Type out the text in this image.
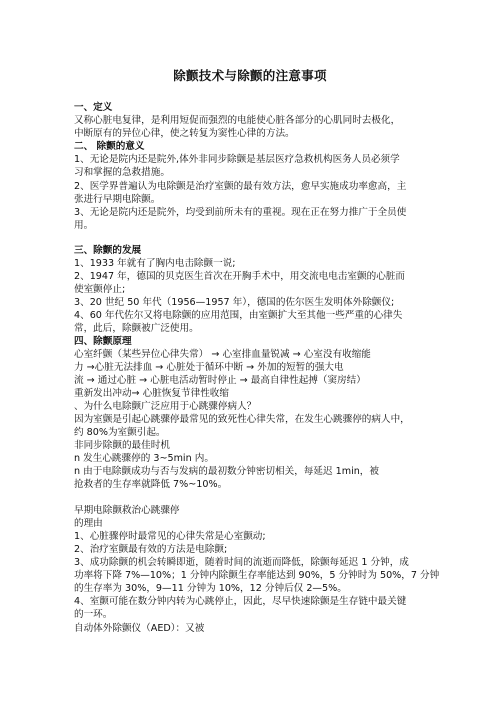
除颤技术与除颤的注意事项
一、定义
又称心脏电复律，是利用短促而强烈的电能使心脏各部分的心肌同时去极化，
中断原有的异位心律，使之转复为窦性心律的方法。
二、 除颤的意义
1、无论是院内还是院外,体外非同步除颤是基层医疗急救机构医务人员必须学
习和掌握的急救措施。
2、医学界普遍认为电除颤是治疗室颤的最有效方法，愈早实施成功率愈高，主
张进行早期电除颤。
3、无论是院内还是院外，均受到前所未有的重视。现在正在努力推广于全员使
用。
三、除颤的发展
1、1933 年就有了胸内电击除颤一说;
2、1947 年，德国的贝克医生首次在开胸手术中，用交流电电击室颤的心脏而
使室颤停止;
3、20 世纪 50 年代（1956—1957 年），德国的佐尔医生发明体外除颤仪;
4、60 年代佐尔又将电除颤的应用范围，由室颤扩大至其他一些严重的心律失
常，此后，除颤被广泛使用。
四、除颤原理
心室纤颤（某些异位心律失常） → 心室排血量锐减 → 心室没有收缩能
力 →心脏无法排血 → 心脏处于循环中断 → 外加的短暂的强大电
流 → 通过心脏 → 心脏电活动暂时停止 → 最高自律性起搏（窦房结）
重新发出冲动→ 心脏恢复节律性收缩
、为什么电除颤广泛应用于心跳骤停病人？
因为室颤是引起心跳骤停最常见的致死性心律失常，在发生心跳骤停的病人中，
约 80%为室颤引起。
非同步除颤的最佳时机
n 发生心跳骤停的 3~5min 内。
n 由于电除颤成功与否与发病的最初数分钟密切相关，每延迟 1min，被
抢救者的生存率就降低 7%~10%。
早期电除颤救治心跳骤停
的理由
1、心脏骤停时最常见的心律失常是心室颤动;
2、治疗室颤最有效的方法是电除颤;
3、成功除颤的机会转瞬即逝，随着时间的流逝而降低，除颤每延迟 1 分钟，成
功率将下降 7%—10%；1 分钟内除颤生存率能达到 90%，5 分钟时为 50%，7 分钟
的生存率为 30%，9—11 分钟为 10%，12 分钟后仅 2—5%。
4、室颤可能在数分钟内转为心跳停止，因此，尽早快速除颤是生存链中最关键
的一环。
自动体外除颤仪（AED）：又被
